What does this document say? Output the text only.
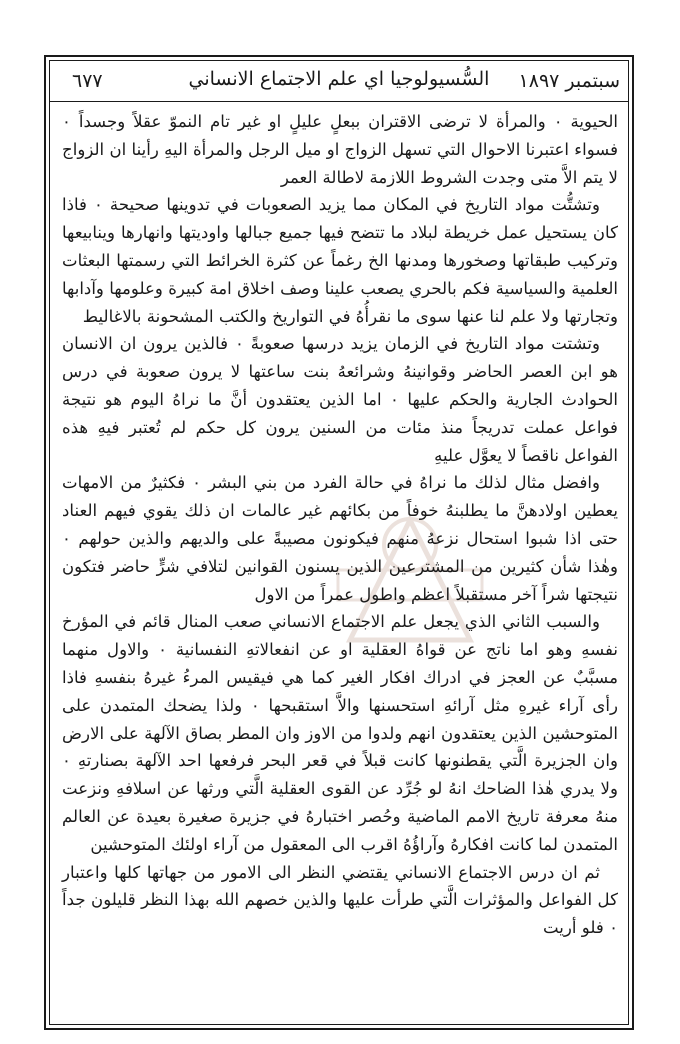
سبتمبر ١٨٩٧
السُّسيولوجيا اي علم الاجتماع الانساني
٦٧٧

الحيوية ٠ والمرأة لا ترضى الاقتران ببعلٍ عليلٍ او غير تام النموّ عقلاً وجسداً ٠ فسواء اعتبرنا الاحوال التي تسهل الزواج او ميل الرجل والمرأة اليهِ رأينا ان الزواج لا يتم الاَّ متى وجدت الشروط اللازمة لاطالة العمر

وتشتُّت مواد التاريخ في المكان مما يزيد الصعوبات في تدوينها صحيحة ٠ فاذا كان يستحيل عمل خريطة لبلاد ما تتضح فيها جميع جبالها واوديتها وانهارها وينابيعها وتركيب طبقاتها وصخورها ومدنها الخ رغماً عن كثرة الخرائط التي رسمتها البعثات العلمية والسياسية فكم بالحري يصعب علينا وصف اخلاق امة كبيرة وعلومها وآدابها وتجارتها ولا علم لنا عنها سوى ما نقرأُهُ في التواريخ والكتب المشحونة بالاغاليط

وتشتت مواد التاريخ في الزمان يزيد درسها صعوبةً ٠ فالذين يرون ان الانسان هو ابن العصر الحاضر وقوانينهُ وشرائعهُ بنت ساعتها لا يرون صعوبة في درس الحوادث الجارية والحكم عليها ٠ اما الذين يعتقدون أنَّ ما نراهُ اليوم هو نتيجة فواعل عملت تدريجاً منذ مئات من السنين يرون كل حكم لم تُعتبر فيهِ هذه الفواعل ناقصاً لا يعوَّل عليهِ

وافضل مثال لذلك ما نراهُ في حالة الفرد من بني البشر ٠ فكثيرٌ من الامهات يعطين اولادهنَّ ما يطلبنهُ خوفاً من بكائهم غير عالمات ان ذلك يقوي فيهم العناد حتى اذا شبوا استحال نزعهُ منهم فيكونون مصيبةً على والديهم والذين حولهم ٠ وهٰذا شأن كثيرين من المشترعين الذين يسنون القوانين لتلافي شرٍّ حاضر فتكون نتيجتها شراً آخر مستقبلاً اعظم واطول عمراً من الاول

والسبب الثاني الذي يجعل علم الاجتماع الانساني صعب المنال قائم في المؤرخ نفسهِ وهو اما ناتج عن قواهُ العقلية او عن انفعالاتهِ النفسانية ٠ والاول منهما مسبَّبٌ عن العجز في ادراك افكار الغير كما هي فيقيس المرءُ غيرهُ بنفسهِ فاذا رأى آراء غيرهِ مثل آرائهِ استحسنها والاَّ استقبحها ٠ ولذا يضحك المتمدن على المتوحشين الذين يعتقدون انهم ولدوا من الاوز وان المطر بصاق الآلهة على الارض وان الجزيرة الَّتي يقطنونها كانت قبلاً في قعر البحر فرفعها احد الآلهة بصنارتهِ ٠ ولا يدري هٰذا الضاحك انهُ لو جُرِّد عن القوى العقلية الَّتي ورثها عن اسلافهِ ونزعت منهُ معرفة تاريخ الامم الماضية وحُصر اختبارهُ في جزيرة صغيرة بعيدة عن العالم المتمدن لما كانت افكارهُ وآراؤُهُ اقرب الى المعقول من آراء اولئك المتوحشين

ثم ان درس الاجتماع الانساني يقتضي النظر الى الامور من جهاتها كلها واعتبار كل الفواعل والمؤثرات الَّتي طرأت عليها والذين خصهم الله بهذا النظر قليلون جداً ٠ فلو أريت
